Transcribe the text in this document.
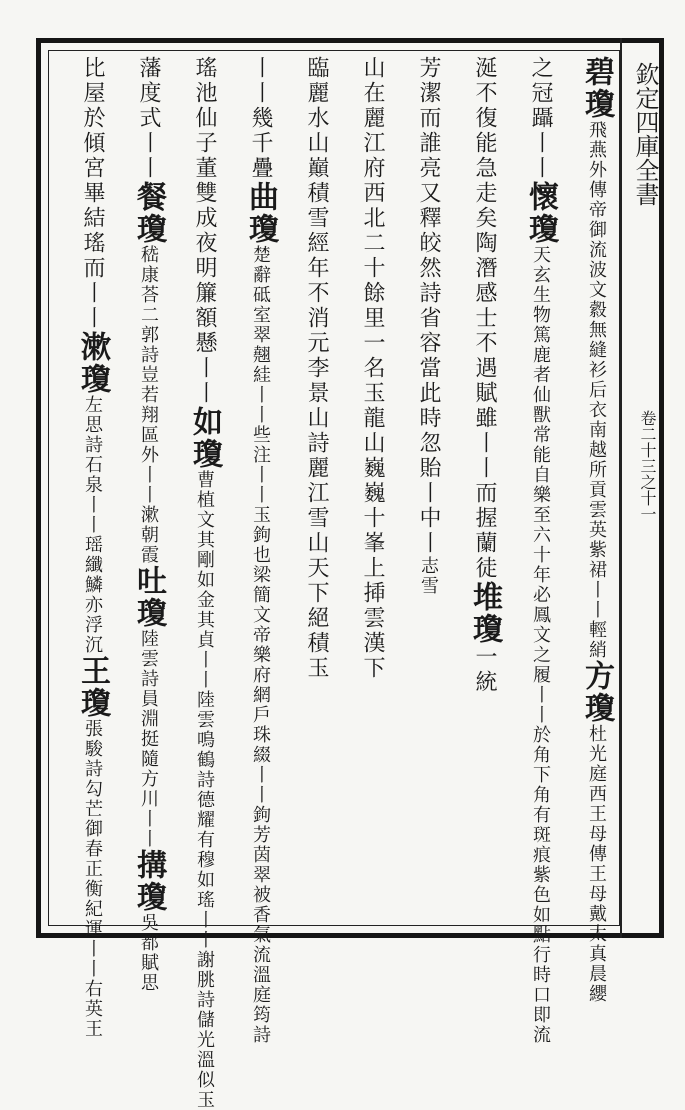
欽定四庫全書
卷二十三之十一
碧瓊飛燕外傳帝御流波文縠無縫衫后衣南越所貢雲英紫裙丨丨輕綃方瓊杜光庭西王母傳王母戴太真晨纓
之冠躡丨丨懷瓊天玄生物篤鹿者仙獸常能自樂至六十年必鳳文之履丨丨於角下角有斑痕紫色如點行時口即流
涎不復能急走矣陶潛感士不遇賦雖丨丨而握蘭徒堆瓊一統
芳潔而誰亮又釋皎然詩省容當此時忽貽丨中丨志雪
山在麗江府西北二十餘里一名玉龍山巍巍十峯上揷雲漢下
臨麗水山巔積雪經年不消元李景山詩麗江雪山天下絕積玉
丨丨幾千疊曲瓊楚辭砥室翠翹絓丨丨些注丨丨玉鉤也梁簡文帝樂府網戶珠綴丨丨鉤芳茵翠被香氣流溫庭筠詩
瑤池仙子董雙成夜明簾額懸丨丨如瓊曹植文其剛如金其貞丨丨陸雲鳴鶴詩德耀有穆如瑤丨丨謝朓詩儲光溫似玉
藩度式丨丨餐瓊嵇康荅二郭詩豈若翔區外丨丨漱朝霞吐瓊陸雲詩員淵挺隨方川丨丨搆瓊吳都賦思
比屋於傾宮畢結瑤而丨丨漱瓊左思詩石泉丨丨瑶纖鱗亦浮沉王瓊張駿詩勾芒御春正衡紀運丨丨右英王
